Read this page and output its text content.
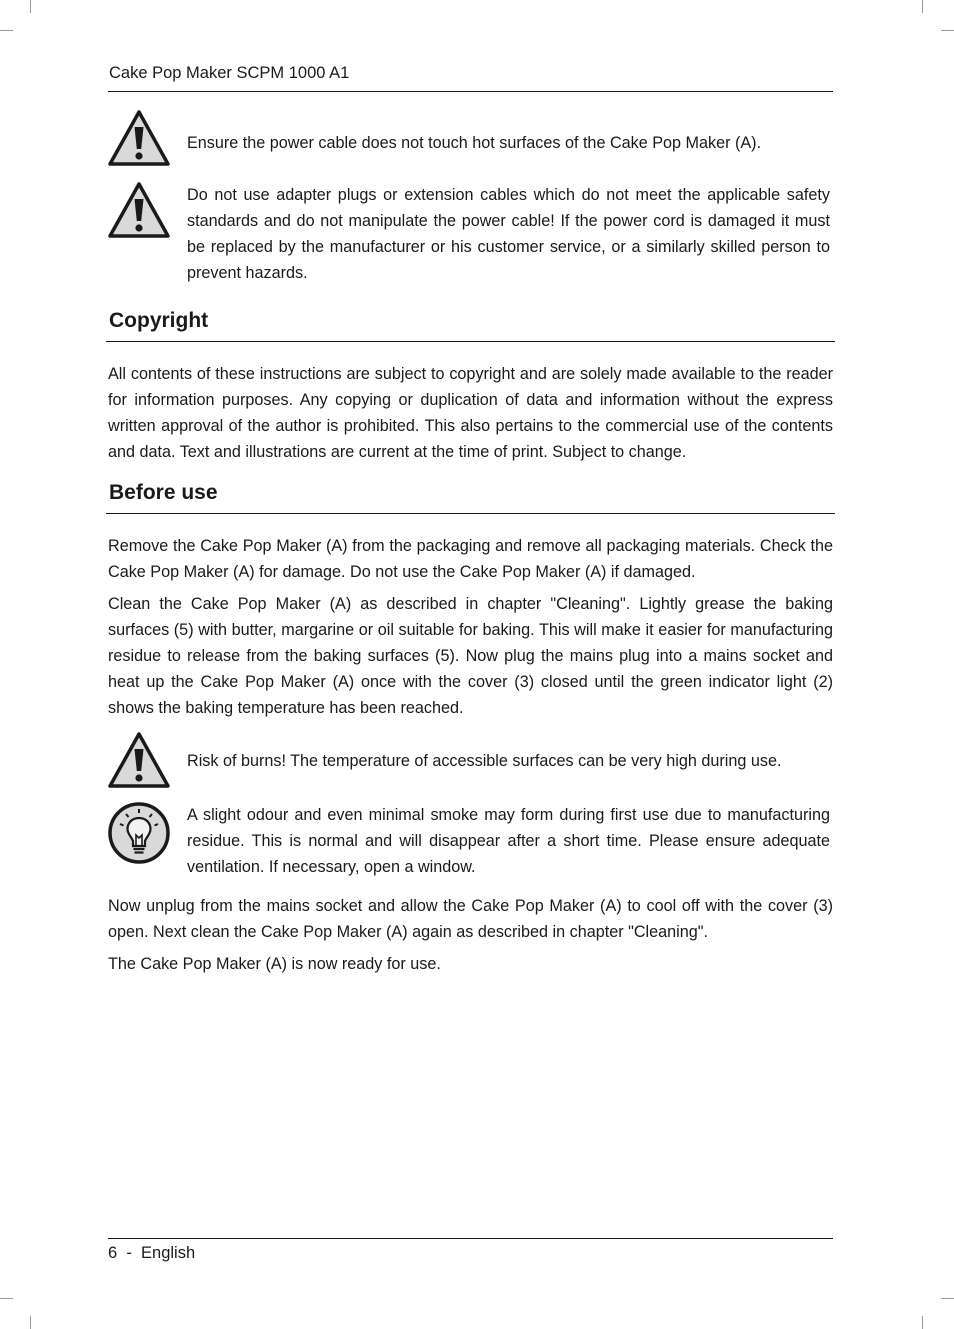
Cake Pop Maker SCPM 1000 A1
Ensure the power cable does not touch hot surfaces of the Cake Pop Maker (A).
Do not use adapter plugs or extension cables which do not meet the applicable safety standards and do not manipulate the power cable! If the power cord is damaged it must be replaced by the manufacturer or his customer service, or a similarly skilled person to prevent hazards.
Copyright

All contents of these instructions are subject to copyright and are solely made available to the reader for information purposes. Any copying or duplication of data and information without the express written approval of the author is prohibited. This also pertains to the commercial use of the contents and data. Text and illustrations are current at the time of print. Subject to change.

Before use

Remove the Cake Pop Maker (A) from the packaging and remove all packaging materials. Check the Cake Pop Maker (A) for damage. Do not use the Cake Pop Maker (A) if damaged.

Clean the Cake Pop Maker (A) as described in chapter "Cleaning". Lightly grease the baking surfaces (5) with butter, margarine or oil suitable for baking. This will make it easier for manufacturing residue to release from the baking surfaces (5). Now plug the mains plug into a mains socket and heat up the Cake Pop Maker (A) once with the cover (3) closed until the green indicator light (2) shows the baking temperature has been reached.

Risk of burns! The temperature of accessible surfaces can be very high during use.
A slight odour and even minimal smoke may form during first use due to manufacturing residue. This is normal and will disappear after a short time. Please ensure adequate ventilation. If necessary, open a window.

Now unplug from the mains socket and allow the Cake Pop Maker (A) to cool off with the cover (3) open. Next clean the Cake Pop Maker (A) again as described in chapter "Cleaning".

The Cake Pop Maker (A) is now ready for use.

6  -  English
